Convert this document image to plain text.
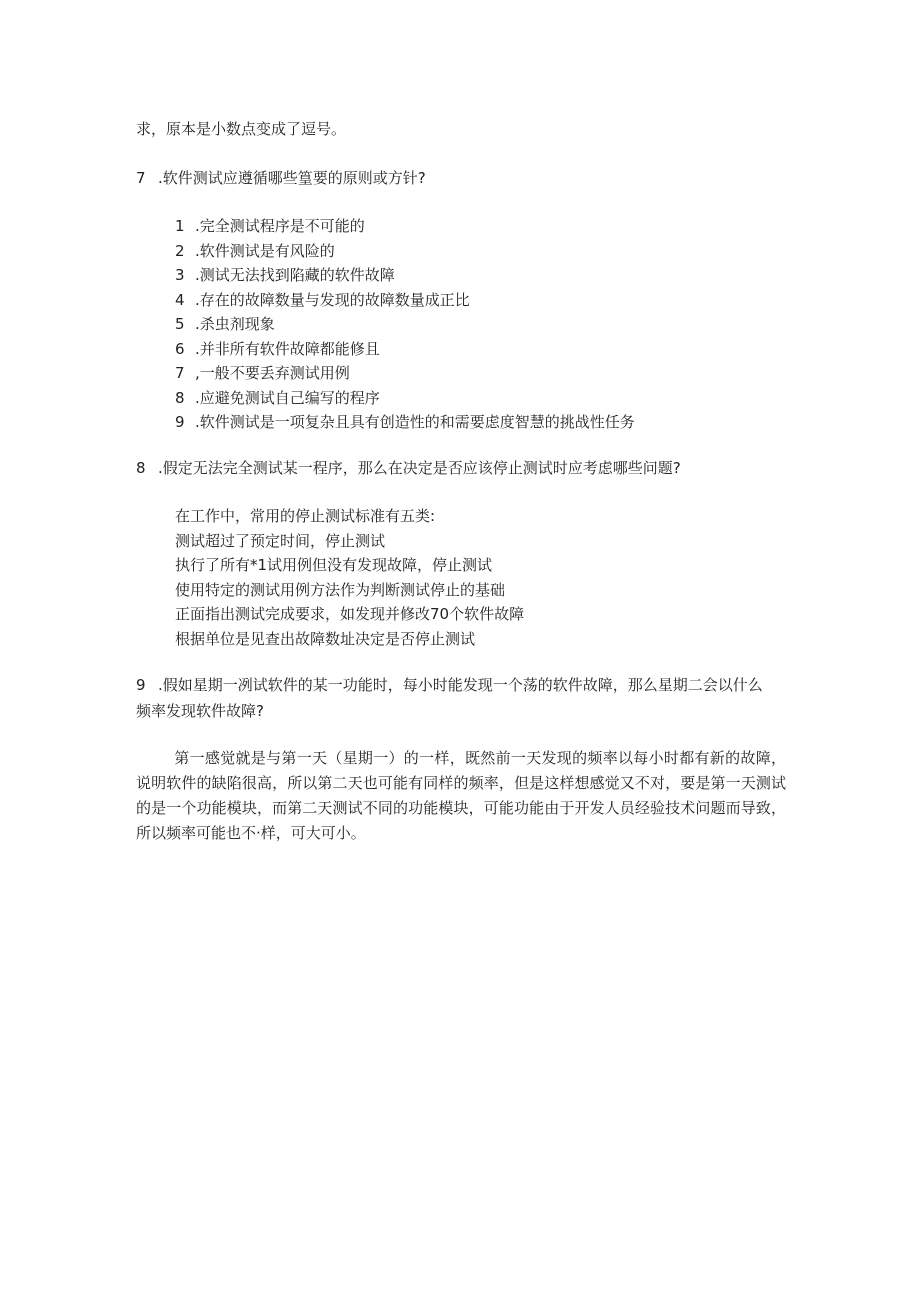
求，原本是小数点变成了逗号。
7 .软件测试应遵循哪些篁要的原则或方针?
1 .完全测试程序是不可能的
2 .软件测试是有风险的
3 .测试无法找到陷藏的软件故障
4 .存在的故障数量与发现的故障数量成正比
5 .杀虫剂现象
6 .并非所有软件故障都能修且
7 ,一般不要丢弃测试用例
8 .应避免测试自己编写的程序
9 .软件测试是一项复杂且具有创造性的和需要虑度智慧的挑战性任务
8 .假定无法完全测试某一程序，那么在决定是否应该停止测试时应考虑哪些问题?
在工作中，常用的停止测试标准有五类:
测试超过了预定时间，停止测试
执行了所有*1试用例但没有发现故障，停止测试
使用特定的测试用例方法作为判断测试停止的基础
正面指出测试完成要求，如发现并修改70个软件故障
根据单位是见查出故障数址决定是否停止测试
9 .假如星期一冽试软件的某一功能时，每小时能发现一个荡的软件故障，那么星期二会以什么
频率发现软件故障?
第一感觉就是与第一天（星期一）的一样，既然前一天发现的频率以每小时都有新的故障，说明软件的缺陷很高，所以第二天也可能有同样的频率，但是这样想感觉又不对，要是第一天测试的是一个功能模块，而第二天测试不同的功能模块，可能功能由于开发人员经验技术问题而导致，所以频率可能也不·样，可大可小。
